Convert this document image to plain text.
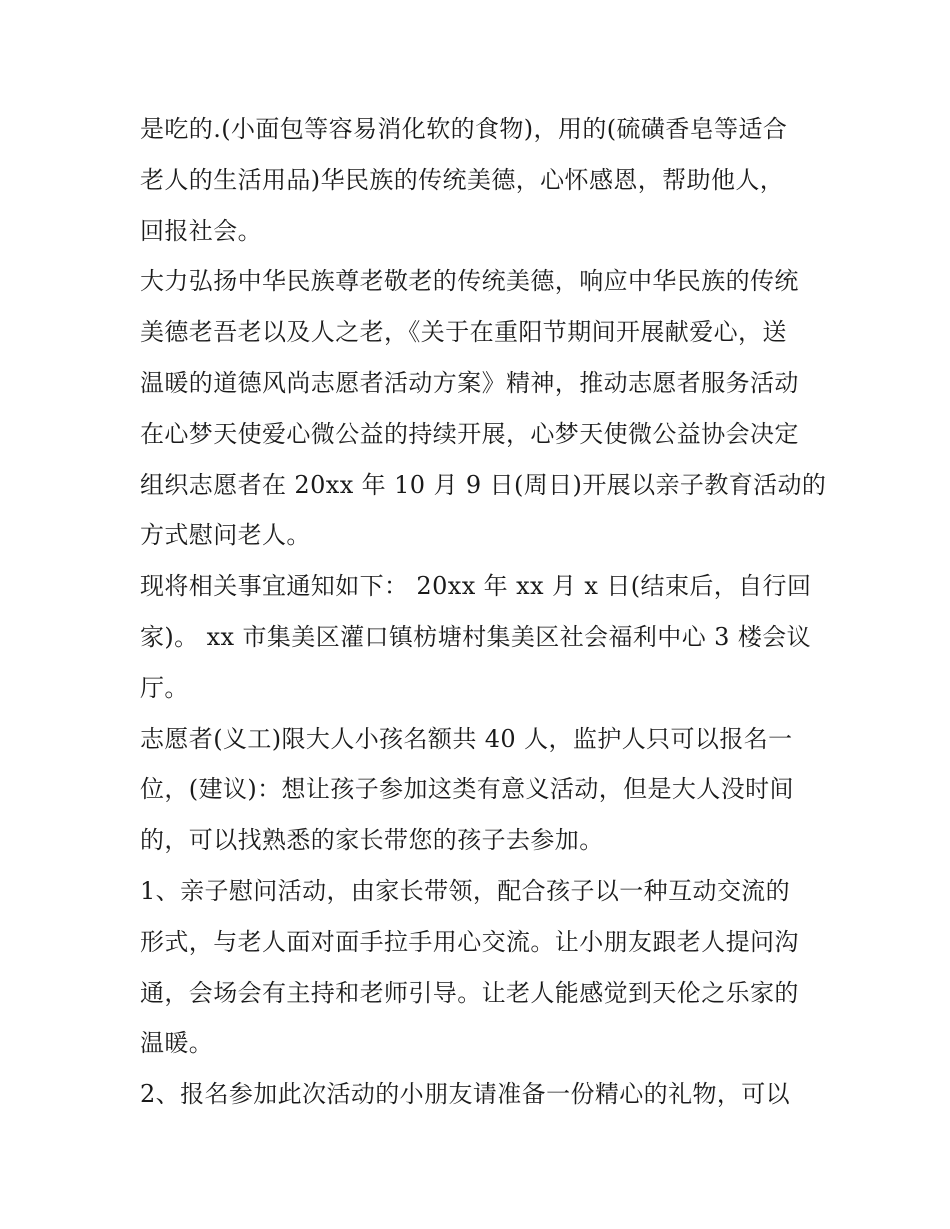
是吃的.(小面包等容易消化软的食物)，用的(硫磺香皂等适合
老人的生活用品)华民族的传统美德，心怀感恩，帮助他人，
回报社会。
大力弘扬中华民族尊老敬老的传统美德，响应中华民族的传统
美德老吾老以及人之老，《关于在重阳节期间开展献爱心，送
温暖的道德风尚志愿者活动方案》精神，推动志愿者服务活动
在心梦天使爱心微公益的持续开展，心梦天使微公益协会决定
组织志愿者在 20xx 年 10 月 9 日(周日)开展以亲子教育活动的
方式慰问老人。
现将相关事宜通知如下： 20xx 年 xx 月 x 日(结束后，自行回
家)。 xx 市集美区灌口镇枋塘村集美区社会福利中心 3 楼会议
厅。
志愿者(义工)限大人小孩名额共 40 人，监护人只可以报名一
位，(建议)：想让孩子参加这类有意义活动，但是大人没时间
的，可以找熟悉的家长带您的孩子去参加。
1、亲子慰问活动，由家长带领，配合孩子以一种互动交流的
形式，与老人面对面手拉手用心交流。让小朋友跟老人提问沟
通，会场会有主持和老师引导。让老人能感觉到天伦之乐家的
温暖。
2、报名参加此次活动的小朋友请准备一份精心的礼物，可以
